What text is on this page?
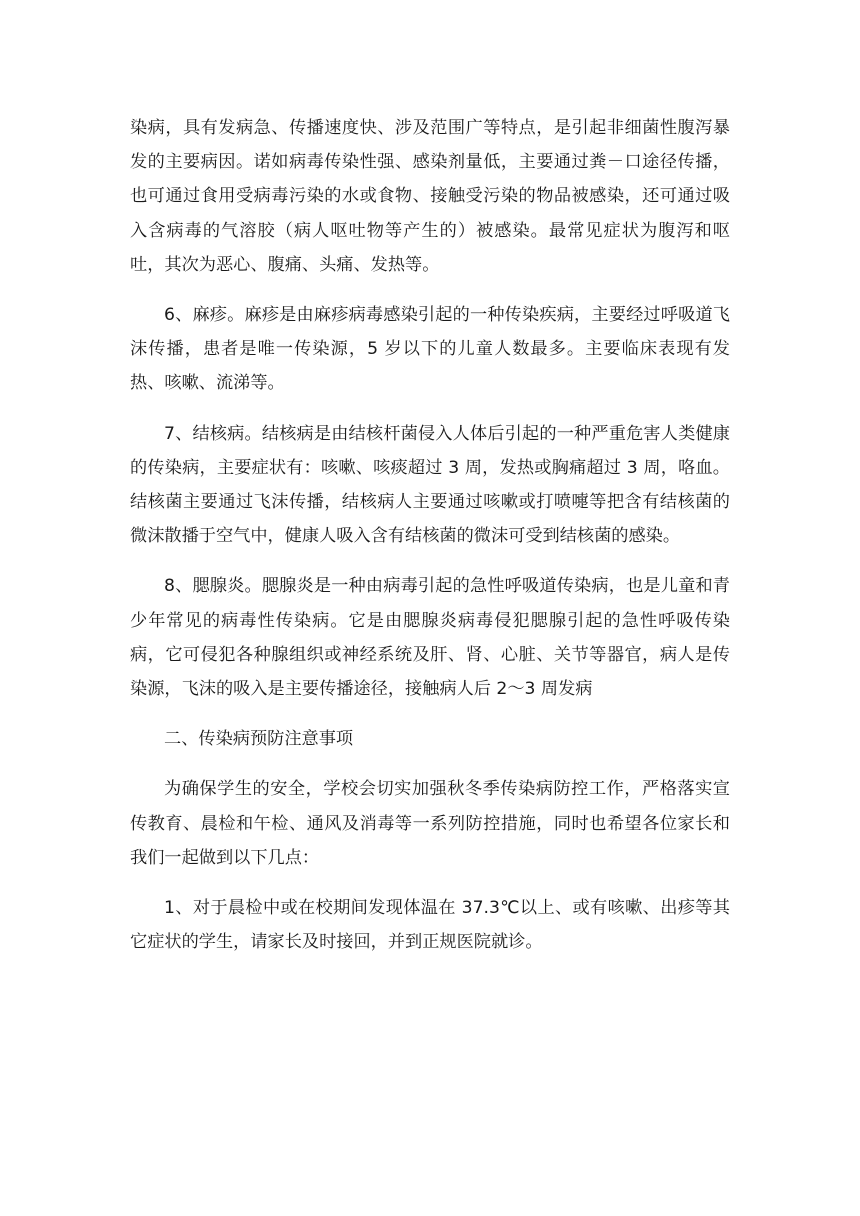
染病，具有发病急、传播速度快、涉及范围广等特点，是引起非细菌性腹泻暴发的主要病因。诺如病毒传染性强、感染剂量低，主要通过粪－口途径传播，也可通过食用受病毒污染的水或食物、接触受污染的物品被感染，还可通过吸入含病毒的气溶胶（病人呕吐物等产生的）被感染。最常见症状为腹泻和呕吐，其次为恶心、腹痛、头痛、发热等。

6、麻疹。麻疹是由麻疹病毒感染引起的一种传染疾病，主要经过呼吸道飞沫传播，患者是唯一传染源，5 岁以下的儿童人数最多。主要临床表现有发热、咳嗽、流涕等。

7、结核病。结核病是由结核杆菌侵入人体后引起的一种严重危害人类健康的传染病，主要症状有：咳嗽、咳痰超过 3 周，发热或胸痛超过 3 周，咯血。结核菌主要通过飞沫传播，结核病人主要通过咳嗽或打喷嚏等把含有结核菌的微沫散播于空气中，健康人吸入含有结核菌的微沫可受到结核菌的感染。

8、腮腺炎。腮腺炎是一种由病毒引起的急性呼吸道传染病，也是儿童和青少年常见的病毒性传染病。它是由腮腺炎病毒侵犯腮腺引起的急性呼吸传染病，它可侵犯各种腺组织或神经系统及肝、肾、心脏、关节等器官，病人是传染源，飞沫的吸入是主要传播途径，接触病人后 2～3 周发病

二、传染病预防注意事项

为确保学生的安全，学校会切实加强秋冬季传染病防控工作，严格落实宣传教育、晨检和午检、通风及消毒等一系列防控措施，同时也希望各位家长和我们一起做到以下几点：

1、对于晨检中或在校期间发现体温在 37.3℃以上、或有咳嗽、出疹等其它症状的学生，请家长及时接回，并到正规医院就诊。
